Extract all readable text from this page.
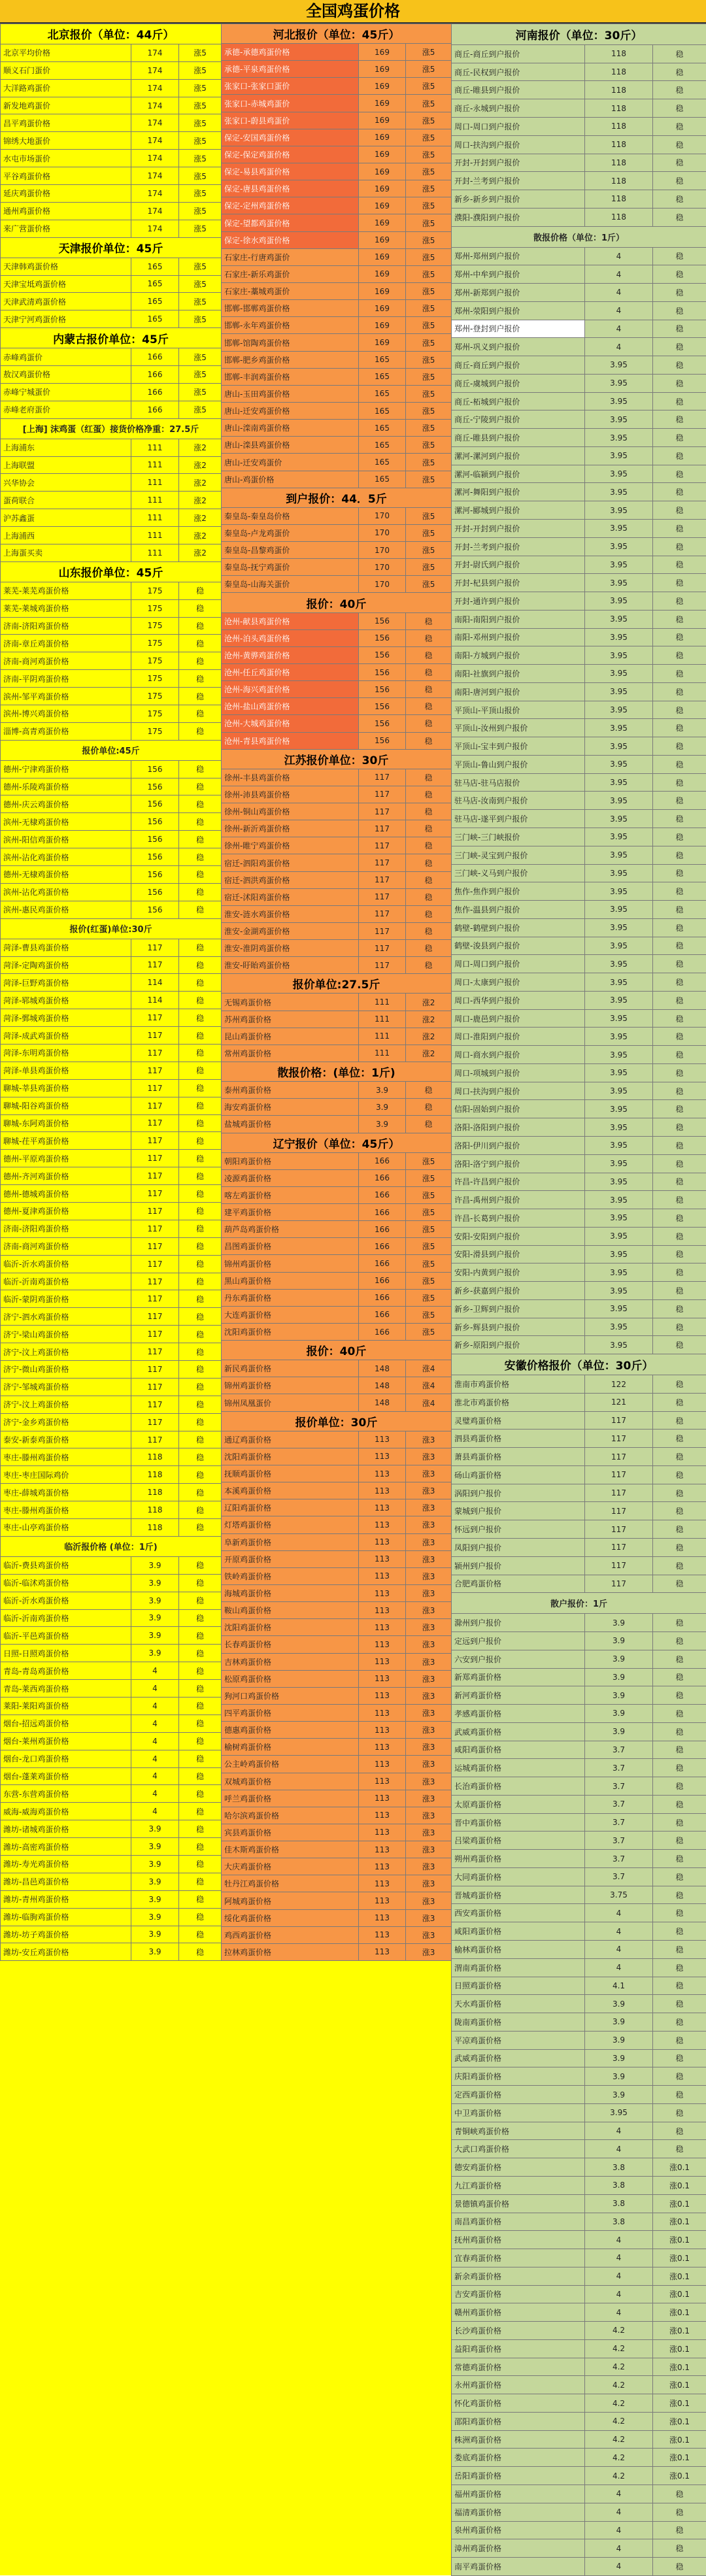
全国鸡蛋价格
北京报价（单位：44斤）		
北京平均价格	174	涨5
顺义石门蛋价	174	涨5
大洋路鸡蛋价	174	涨5
新发地鸡蛋价	174	涨5
昌平鸡蛋价格	174	涨5
锦绣大地蛋价	174	涨5
水屯市场蛋价	174	涨5
平谷鸡蛋价格	174	涨5
延庆鸡蛋价格	174	涨5
通州鸡蛋价格	174	涨5
来广营蛋价格	174	涨5
天津报价单位：45斤		
天津韩鸡蛋价格	165	涨5
天津宝坻鸡蛋价格	165	涨5
天津武清鸡蛋价格	165	涨5
天津宁河鸡蛋价格	165	涨5
内蒙古报价单位：45斤		
赤峰鸡蛋价	166	涨5
敖汉鸡蛋价格	166	涨5
赤峰宁城蛋价	166	涨5
赤峰老府蛋价	166	涨5
[上海] 沫鸡蛋（红蛋）接货价格净重：27.5斤		
上海浦东	111	涨2
上海联盟	111	涨2
兴华协会	111	涨2
蛋荷联合	111	涨2
沪苏鑫蛋	111	涨2
上海浦西	111	涨2
上海蛋买卖	111	涨2
山东报价单位：45斤		
莱芜-莱芜鸡蛋价格	175	稳
莱芜-莱城鸡蛋价格	175	稳
济南-济阳鸡蛋价格	175	稳
济南-章丘鸡蛋价格	175	稳
济南-商河鸡蛋价格	175	稳
济南-平阴鸡蛋价格	175	稳
滨州-邹平鸡蛋价格	175	稳
滨州-博兴鸡蛋价格	175	稳
淄博-高青鸡蛋价格	175	稳
报价单位:45斤		
德州-宁津鸡蛋价格	156	稳
德州-乐陵鸡蛋价格	156	稳
德州-庆云鸡蛋价格	156	稳
滨州-无棣鸡蛋价格	156	稳
滨州-阳信鸡蛋价格	156	稳
滨州-沾化鸡蛋价格	156	稳
德州-无棣鸡蛋价格	156	稳
滨州-沾化鸡蛋价格	156	稳
滨州-惠民鸡蛋价格	156	稳
报价(红蛋)单位:30斤		
菏泽-曹县鸡蛋价格	117	稳
菏泽-定陶鸡蛋价格	117	稳
菏泽-巨野鸡蛋价格	114	稳
菏泽-郓城鸡蛋价格	114	稳
菏泽-鄄城鸡蛋价格	117	稳
菏泽-成武鸡蛋价格	117	稳
菏泽-东明鸡蛋价格	117	稳
菏泽-单县鸡蛋价格	117	稳
聊城-莘县鸡蛋价格	117	稳
聊城-阳谷鸡蛋价格	117	稳
聊城-东阿鸡蛋价格	117	稳
聊城-茌平鸡蛋价格	117	稳
德州-平原鸡蛋价格	117	稳
德州-齐河鸡蛋价格	117	稳
德州-德城鸡蛋价格	117	稳
德州-夏津鸡蛋价格	117	稳
济南-济阳鸡蛋价格	117	稳
济南-商河鸡蛋价格	117	稳
临沂-沂水鸡蛋价格	117	稳
临沂-沂南鸡蛋价格	117	稳
临沂-蒙阴鸡蛋价格	117	稳
济宁-泗水鸡蛋价格	117	稳
济宁-梁山鸡蛋价格	117	稳
济宁-汶上鸡蛋价格	117	稳
济宁-微山鸡蛋价格	117	稳
济宁-邹城鸡蛋价格	117	稳
济宁-汶上鸡蛋价格	117	稳
济宁-金乡鸡蛋价格	117	稳
泰安-新泰鸡蛋价格	117	稳
枣庄-滕州鸡蛋价格	118	稳
枣庄-枣庄国际鸡价	118	稳
枣庄-薛城鸡蛋价格	118	稳
枣庄-滕州鸡蛋价格	118	稳
枣庄-山亭鸡蛋价格	118	稳
临沂报价格 (单位：1斤)		
临沂-费县鸡蛋价格	3.9	稳
临沂-临沭鸡蛋价格	3.9	稳
临沂-沂水鸡蛋价格	3.9	稳
临沂-沂南鸡蛋价格	3.9	稳
临沂-平邑鸡蛋价格	3.9	稳
日照-日照鸡蛋价格	3.9	稳
青岛-青岛鸡蛋价格	4	稳
青岛-莱西鸡蛋价格	4	稳
莱阳-莱阳鸡蛋价格	4	稳
烟台-招远鸡蛋价格	4	稳
烟台-莱州鸡蛋价格	4	稳
烟台-龙口鸡蛋价格	4	稳
烟台-蓬莱鸡蛋价格	4	稳
东营-东营鸡蛋价格	4	稳
威海-威海鸡蛋价格	4	稳
潍坊-诸城鸡蛋价格	3.9	稳
潍坊-高密鸡蛋价格	3.9	稳
潍坊-寿光鸡蛋价格	3.9	稳
潍坊-昌邑鸡蛋价格	3.9	稳
潍坊-青州鸡蛋价格	3.9	稳
潍坊-临朐鸡蛋价格	3.9	稳
潍坊-坊子鸡蛋价格	3.9	稳
潍坊-安丘鸡蛋价格	3.9	稳
河北报价（单位：45斤）		
承德-承德鸡蛋价格	169	涨5
承德-平泉鸡蛋价格	169	涨5
张家口-张家口蛋价	169	涨5
张家口-赤城鸡蛋价	169	涨5
张家口-蔚县鸡蛋价	169	涨5
保定-安国鸡蛋价格	169	涨5
保定-保定鸡蛋价格	169	涨5
保定-易县鸡蛋价格	169	涨5
保定-唐县鸡蛋价格	169	涨5
保定-定州鸡蛋价格	169	涨5
保定-望都鸡蛋价格	169	涨5
保定-徐水鸡蛋价格	169	涨5
石家庄-行唐鸡蛋价	169	涨5
石家庄-新乐鸡蛋价	169	涨5
石家庄-藁城鸡蛋价	169	涨5
邯郸-邯郸鸡蛋价格	169	涨5
邯郸-永年鸡蛋价格	169	涨5
邯郸-馆陶鸡蛋价格	169	涨5
邯郸-肥乡鸡蛋价格	165	涨5
邯郸-丰润鸡蛋价格	165	涨5
唐山-玉田鸡蛋价格	165	涨5
唐山-迁安鸡蛋价格	165	涨5
唐山-滦南鸡蛋价格	165	涨5
唐山-滦县鸡蛋价格	165	涨5
唐山-迁安鸡蛋价	165	涨5
唐山-鸡蛋价格	165	涨5
到户报价：44．5斤		
秦皇岛-秦皇岛价格	170	涨5
秦皇岛-卢龙鸡蛋价	170	涨5
秦皇岛-昌黎鸡蛋价	170	涨5
秦皇岛-抚宁鸡蛋价	170	涨5
秦皇岛-山海关蛋价	170	涨5
报价：40斤		
沧州-献县鸡蛋价格	156	稳
沧州-泊头鸡蛋价格	156	稳
沧州-黄骅鸡蛋价格	156	稳
沧州-任丘鸡蛋价格	156	稳
沧州-海兴鸡蛋价格	156	稳
沧州-盐山鸡蛋价格	156	稳
沧州-大城鸡蛋价格	156	稳
沧州-青县鸡蛋价格	156	稳
江苏报价单位：30斤		
徐州-丰县鸡蛋价格	117	稳
徐州-沛县鸡蛋价格	117	稳
徐州-铜山鸡蛋价格	117	稳
徐州-新沂鸡蛋价格	117	稳
徐州-睢宁鸡蛋价格	117	稳
宿迁-泗阳鸡蛋价格	117	稳
宿迁-泗洪鸡蛋价格	117	稳
宿迁-沭阳鸡蛋价格	117	稳
淮安-涟水鸡蛋价格	117	稳
淮安-金湖鸡蛋价格	117	稳
淮安-淮阴鸡蛋价格	117	稳
淮安-盱眙鸡蛋价格	117	稳
报价单位:27.5斤		
无锡鸡蛋价格	111	涨2
苏州鸡蛋价格	111	涨2
昆山鸡蛋价格	111	涨2
常州鸡蛋价格	111	涨2
散报价格：(单位：1斤)		
泰州鸡蛋价格	3.9	稳
海安鸡蛋价格	3.9	稳
盐城鸡蛋价格	3.9	稳
辽宁报价（单位：45斤）		
朝阳鸡蛋价格	166	涨5
凌源鸡蛋价格	166	涨5
喀左鸡蛋价格	166	涨5
建平鸡蛋价格	166	涨5
葫芦岛鸡蛋价格	166	涨5
昌图鸡蛋价格	166	涨5
锦州鸡蛋价格	166	涨5
黑山鸡蛋价格	166	涨5
丹东鸡蛋价格	166	涨5
大连鸡蛋价格	166	涨5
沈阳鸡蛋价格	166	涨5
报价：40斤		
新民鸡蛋价格	148	涨4
锦州鸡蛋价格	148	涨4
锦州凤凰蛋价	148	涨4
报价单位：30斤		
通辽鸡蛋价格	113	涨3
沈阳鸡蛋价格	113	涨3
抚顺鸡蛋价格	113	涨3
本溪鸡蛋价格	113	涨3
辽阳鸡蛋价格	113	涨3
灯塔鸡蛋价格	113	涨3
阜新鸡蛋价格	113	涨3
开原鸡蛋价格	113	涨3
铁岭鸡蛋价格	113	涨3
海城鸡蛋价格	113	涨3
鞍山鸡蛋价格	113	涨3
沈阳鸡蛋价格	113	涨3
长春鸡蛋价格	113	涨3
吉林鸡蛋价格	113	涨3
松原鸡蛋价格	113	涨3
狗河口鸡蛋价格	113	涨3
四平鸡蛋价格	113	涨3
德惠鸡蛋价格	113	涨3
榆树鸡蛋价格	113	涨3
公主岭鸡蛋价格	113	涨3
双城鸡蛋价格	113	涨3
呼兰鸡蛋价格	113	涨3
哈尔滨鸡蛋价格	113	涨3
宾县鸡蛋价格	113	涨3
佳木斯鸡蛋价格	113	涨3
大庆鸡蛋价格	113	涨3
牡丹江鸡蛋价格	113	涨3
阿城鸡蛋价格	113	涨3
绥化鸡蛋价格	113	涨3
鸡西鸡蛋价格	113	涨3
拉林鸡蛋价格	113	涨3
河南报价（单位：30斤）		
商丘-商丘到户报价	118	稳
商丘-民权到户报价	118	稳
商丘-睢县到户报价	118	稳
商丘-永城到户报价	118	稳
周口-周口到户报价	118	稳
周口-扶沟到户报价	118	稳
开封-开封到户报价	118	稳
开封-兰考到户报价	118	稳
新乡-新乡到户报价	118	稳
濮阳-濮阳到户报价	118	稳
散报价格（单位：1斤）		
郑州-郑州到户报价	4	稳
郑州-中牟到户报价	4	稳
郑州-新郑到户报价	4	稳
郑州-荥阳到户报价	4	稳
郑州-登封到户报价	4	稳
郑州-巩义到户报价	4	稳
商丘-商丘到户报价	3.95	稳
商丘-虞城到户报价	3.95	稳
商丘-柘城到户报价	3.95	稳
商丘-宁陵到户报价	3.95	稳
商丘-睢县到户报价	3.95	稳
漯河-漯河到户报价	3.95	稳
漯河-临颍到户报价	3.95	稳
漯河-舞阳到户报价	3.95	稳
漯河-郾城到户报价	3.95	稳
开封-开封到户报价	3.95	稳
开封-兰考到户报价	3.95	稳
开封-尉氏到户报价	3.95	稳
开封-杞县到户报价	3.95	稳
开封-通许到户报价	3.95	稳
南阳-南阳到户报价	3.95	稳
南阳-邓州到户报价	3.95	稳
南阳-方城到户报价	3.95	稳
南阳-社旗到户报价	3.95	稳
南阳-唐河到户报价	3.95	稳
平顶山-平顶山报价	3.95	稳
平顶山-汝州到户报价	3.95	稳
平顶山-宝丰到户报价	3.95	稳
平顶山-鲁山到户报价	3.95	稳
驻马店-驻马店报价	3.95	稳
驻马店-汝南到户报价	3.95	稳
驻马店-遂平到户报价	3.95	稳
三门峡-三门峡报价	3.95	稳
三门峡-灵宝到户报价	3.95	稳
三门峡-义马到户报价	3.95	稳
焦作-焦作到户报价	3.95	稳
焦作-温县到户报价	3.95	稳
鹤壁-鹤壁到户报价	3.95	稳
鹤壁-浚县到户报价	3.95	稳
周口-周口到户报价	3.95	稳
周口-太康到户报价	3.95	稳
周口-西华到户报价	3.95	稳
周口-鹿邑到户报价	3.95	稳
周口-淮阳到户报价	3.95	稳
周口-商水到户报价	3.95	稳
周口-项城到户报价	3.95	稳
周口-扶沟到户报价	3.95	稳
信阳-固始到户报价	3.95	稳
洛阳-洛阳到户报价	3.95	稳
洛阳-伊川到户报价	3.95	稳
洛阳-洛宁到户报价	3.95	稳
许昌-许昌到户报价	3.95	稳
许昌-禹州到户报价	3.95	稳
许昌-长葛到户报价	3.95	稳
安阳-安阳到户报价	3.95	稳
安阳-滑县到户报价	3.95	稳
安阳-内黄到户报价	3.95	稳
新乡-获嘉到户报价	3.95	稳
新乡-卫辉到户报价	3.95	稳
新乡-辉县到户报价	3.95	稳
新乡-原阳到户报价	3.95	稳
安徽价格报价（单位：30斤）		
淮南市鸡蛋价格	122	稳
淮北市鸡蛋价格	121	稳
灵璧鸡蛋价格	117	稳
泗县鸡蛋价格	117	稳
萧县鸡蛋价格	117	稳
砀山鸡蛋价格	117	稳
涡阳到户报价	117	稳
蒙城到户报价	117	稳
怀远到户报价	117	稳
凤阳到户报价	117	稳
颍州到户报价	117	稳
合肥鸡蛋价格	117	稳
散户报价：1斤		
滁州到户报价	3.9	稳
定远到户报价	3.9	稳
六安到户报价	3.9	稳
新郑鸡蛋价格	3.9	稳
新河鸡蛋价格	3.9	稳
孝感鸡蛋价格	3.9	稳
武威鸡蛋价格	3.9	稳
咸阳鸡蛋价格	3.7	稳
运城鸡蛋价格	3.7	稳
长治鸡蛋价格	3.7	稳
太原鸡蛋价格	3.7	稳
晋中鸡蛋价格	3.7	稳
吕梁鸡蛋价格	3.7	稳
朔州鸡蛋价格	3.7	稳
大同鸡蛋价格	3.7	稳
晋城鸡蛋价格	3.75	稳
西安鸡蛋价格	4	稳
咸阳鸡蛋价格	4	稳
榆林鸡蛋价格	4	稳
渭南鸡蛋价格	4	稳
日照鸡蛋价格	4.1	稳
天水鸡蛋价格	3.9	稳
陇南鸡蛋价格	3.9	稳
平凉鸡蛋价格	3.9	稳
武威鸡蛋价格	3.9	稳
庆阳鸡蛋价格	3.9	稳
定西鸡蛋价格	3.9	稳
中卫鸡蛋价格	3.95	稳
青铜峡鸡蛋价格	4	稳
大武口鸡蛋价格	4	稳
德安鸡蛋价格	3.8	涨0.1
九江鸡蛋价格	3.8	涨0.1
景德镇鸡蛋价格	3.8	涨0.1
南昌鸡蛋价格	3.8	涨0.1
抚州鸡蛋价格	4	涨0.1
宜春鸡蛋价格	4	涨0.1
新余鸡蛋价格	4	涨0.1
吉安鸡蛋价格	4	涨0.1
赣州鸡蛋价格	4	涨0.1
长沙鸡蛋价格	4.2	涨0.1
益阳鸡蛋价格	4.2	涨0.1
常德鸡蛋价格	4.2	涨0.1
永州鸡蛋价格	4.2	涨0.1
怀化鸡蛋价格	4.2	涨0.1
邵阳鸡蛋价格	4.2	涨0.1
株洲鸡蛋价格	4.2	涨0.1
娄底鸡蛋价格	4.2	涨0.1
岳阳鸡蛋价格	4.2	涨0.1
福州鸡蛋价格	4	稳
福清鸡蛋价格	4	稳
泉州鸡蛋价格	4	稳
漳州鸡蛋价格	4	稳
南平鸡蛋价格	4	稳
